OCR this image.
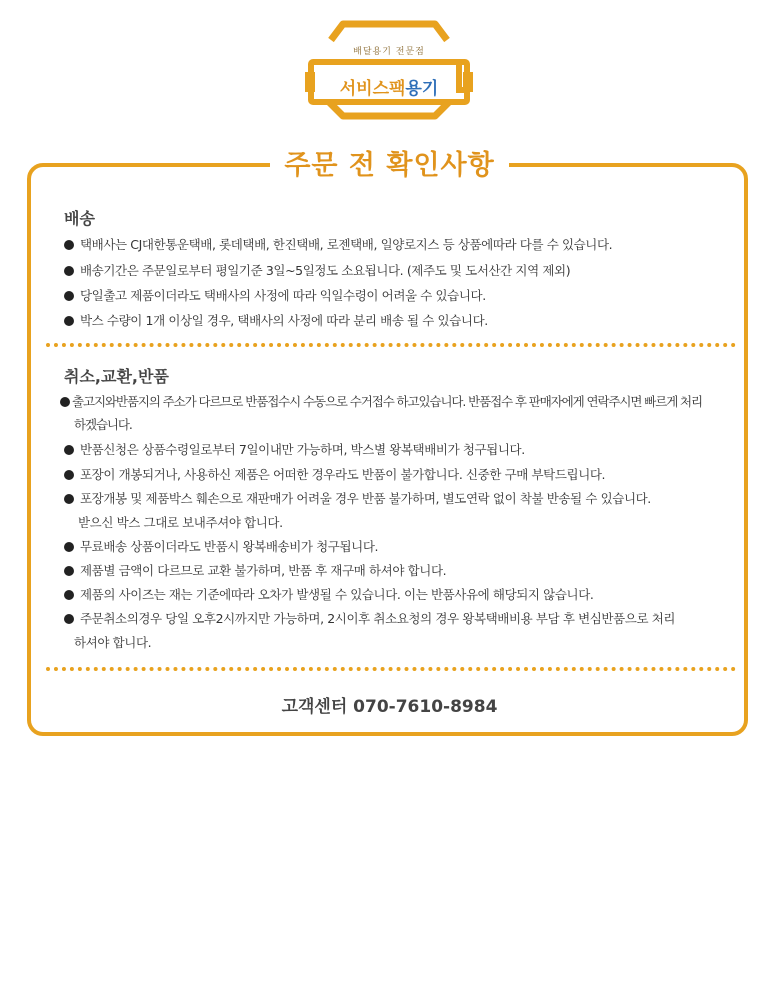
배달용기 전문점
서비스팩용기
주문 전 확인사항
배송
택배사는 CJ대한통운택배, 롯데택배, 한진택배, 로젠택배, 일양로지스 등 상품에따라 다를 수 있습니다.
배송기간은 주문일로부터 평일기준 3일~5일정도 소요됩니다. (제주도 및 도서산간 지역 제외)
당일출고 제품이더라도 택배사의 사정에 따라 익일수령이 어려울 수 있습니다.
박스 수량이 1개 이상일 경우, 택배사의 사정에 따라 분리 배송 될 수 있습니다.
취소,교환,반품
출고지와반품지의 주소가 다르므로 반품접수시 수동으로 수거접수 하고있습니다. 반품접수 후 판매자에게 연락주시면 빠르게 처리
하겠습니다.
반품신청은 상품수령일로부터 7일이내만 가능하며, 박스별 왕복택배비가 청구됩니다.
포장이 개봉되거나, 사용하신 제품은 어떠한 경우라도 반품이 불가합니다. 신중한 구매 부탁드립니다.
포장개봉 및 제품박스 훼손으로 재판매가 어려울 경우 반품 불가하며, 별도연락 없이 착불 반송될 수 있습니다.
받으신 박스 그대로 보내주셔야 합니다.
무료배송 상품이더라도 반품시 왕복배송비가 청구됩니다.
제품별 금액이 다르므로 교환 불가하며, 반품 후 재구매 하셔야 합니다.
제품의 사이즈는 재는 기준에따라 오차가 발생될 수 있습니다. 이는 반품사유에 해당되지 않습니다.
주문취소의경우 당일 오후2시까지만 가능하며, 2시이후 취소요청의 경우 왕복택배비용 부담 후 변심반품으로 처리
하셔야 합니다.
고객센터 070-7610-8984
